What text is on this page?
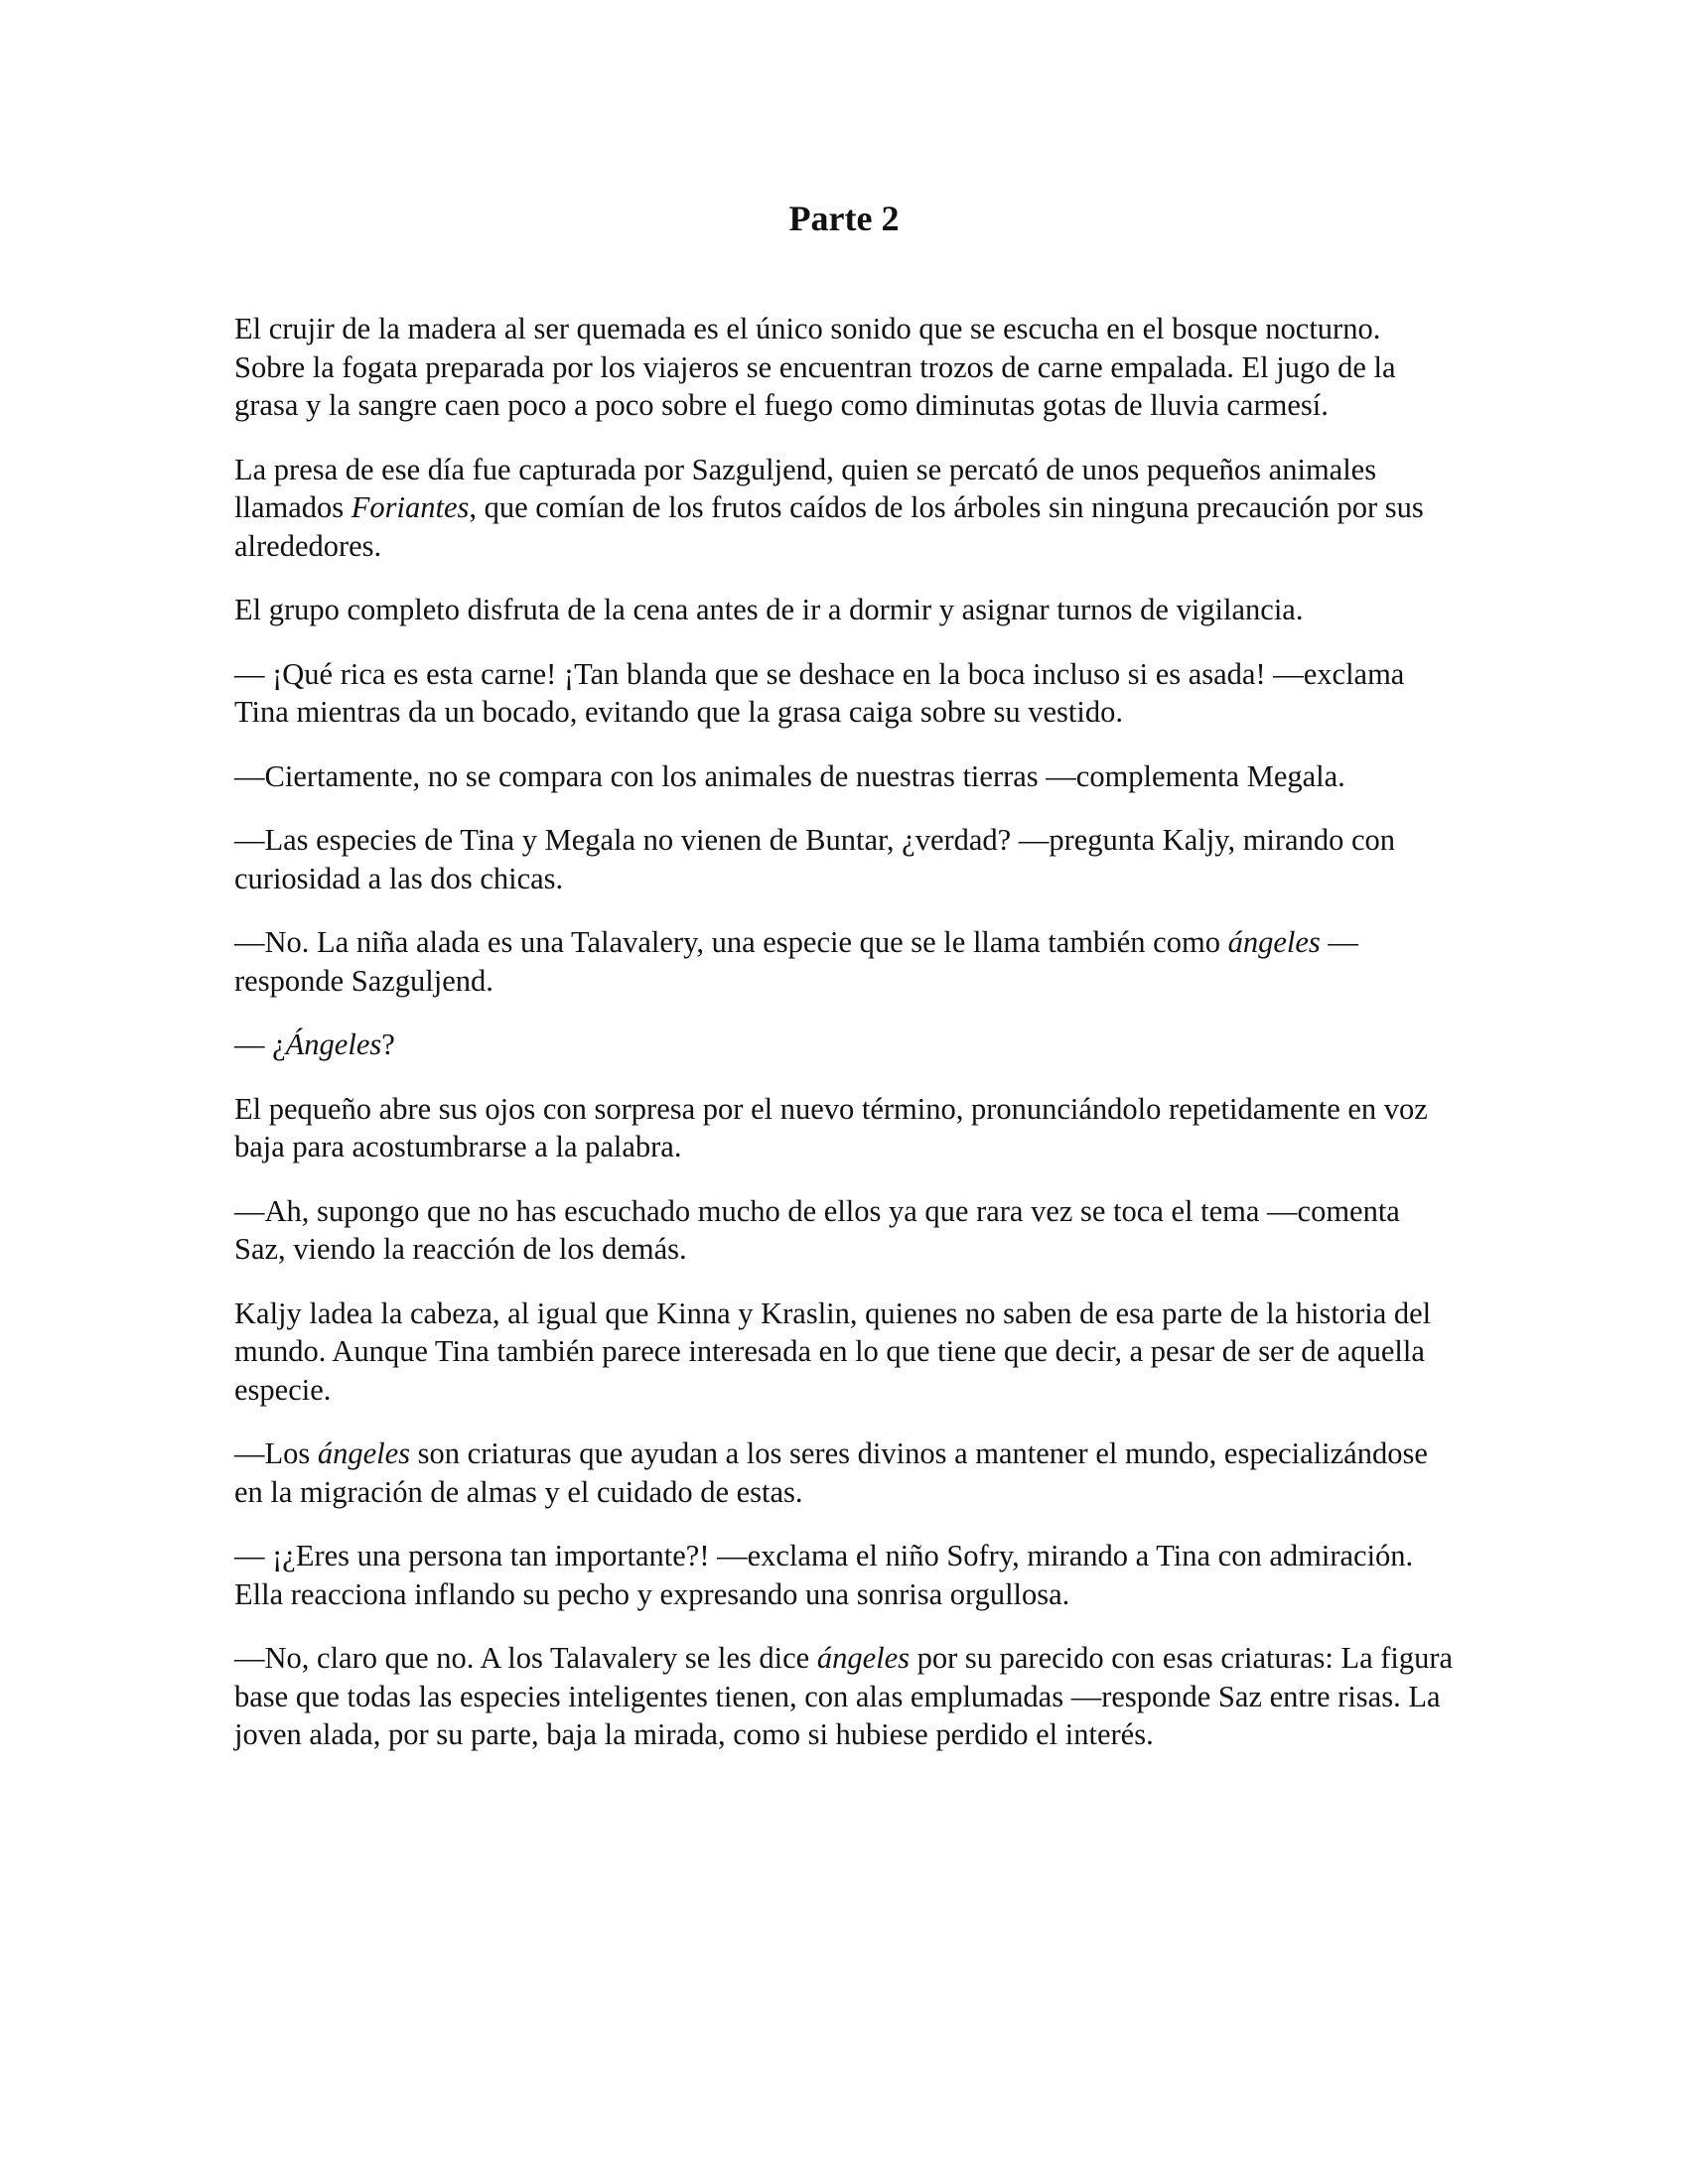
Parte 2

El crujir de la madera al ser quemada es el único sonido que se escucha en el bosque nocturno. Sobre la fogata preparada por los viajeros se encuentran trozos de carne empalada. El jugo de la grasa y la sangre caen poco a poco sobre el fuego como diminutas gotas de lluvia carmesí.

La presa de ese día fue capturada por Sazguljend, quien se percató de unos pequeños animales llamados Foriantes, que comían de los frutos caídos de los árboles sin ninguna precaución por sus alrededores.

El grupo completo disfruta de la cena antes de ir a dormir y asignar turnos de vigilancia.

— ¡Qué rica es esta carne! ¡Tan blanda que se deshace en la boca incluso si es asada! —exclama Tina mientras da un bocado, evitando que la grasa caiga sobre su vestido.

—Ciertamente, no se compara con los animales de nuestras tierras —complementa Megala.

—Las especies de Tina y Megala no vienen de Buntar, ¿verdad? —pregunta Kaljy, mirando con curiosidad a las dos chicas.

—No. La niña alada es una Talavalery, una especie que se le llama también como ángeles —responde Sazguljend.

— ¿Ángeles?

El pequeño abre sus ojos con sorpresa por el nuevo término, pronunciándolo repetidamente en voz baja para acostumbrarse a la palabra.

—Ah, supongo que no has escuchado mucho de ellos ya que rara vez se toca el tema —comenta Saz, viendo la reacción de los demás.

Kaljy ladea la cabeza, al igual que Kinna y Kraslin, quienes no saben de esa parte de la historia del mundo. Aunque Tina también parece interesada en lo que tiene que decir, a pesar de ser de aquella especie.

—Los ángeles son criaturas que ayudan a los seres divinos a mantener el mundo, especializándose en la migración de almas y el cuidado de estas.

— ¡¿Eres una persona tan importante?! —exclama el niño Sofry, mirando a Tina con admiración. Ella reacciona inflando su pecho y expresando una sonrisa orgullosa.

—No, claro que no. A los Talavalery se les dice ángeles por su parecido con esas criaturas: La figura base que todas las especies inteligentes tienen, con alas emplumadas —responde Saz entre risas. La joven alada, por su parte, baja la mirada, como si hubiese perdido el interés.
